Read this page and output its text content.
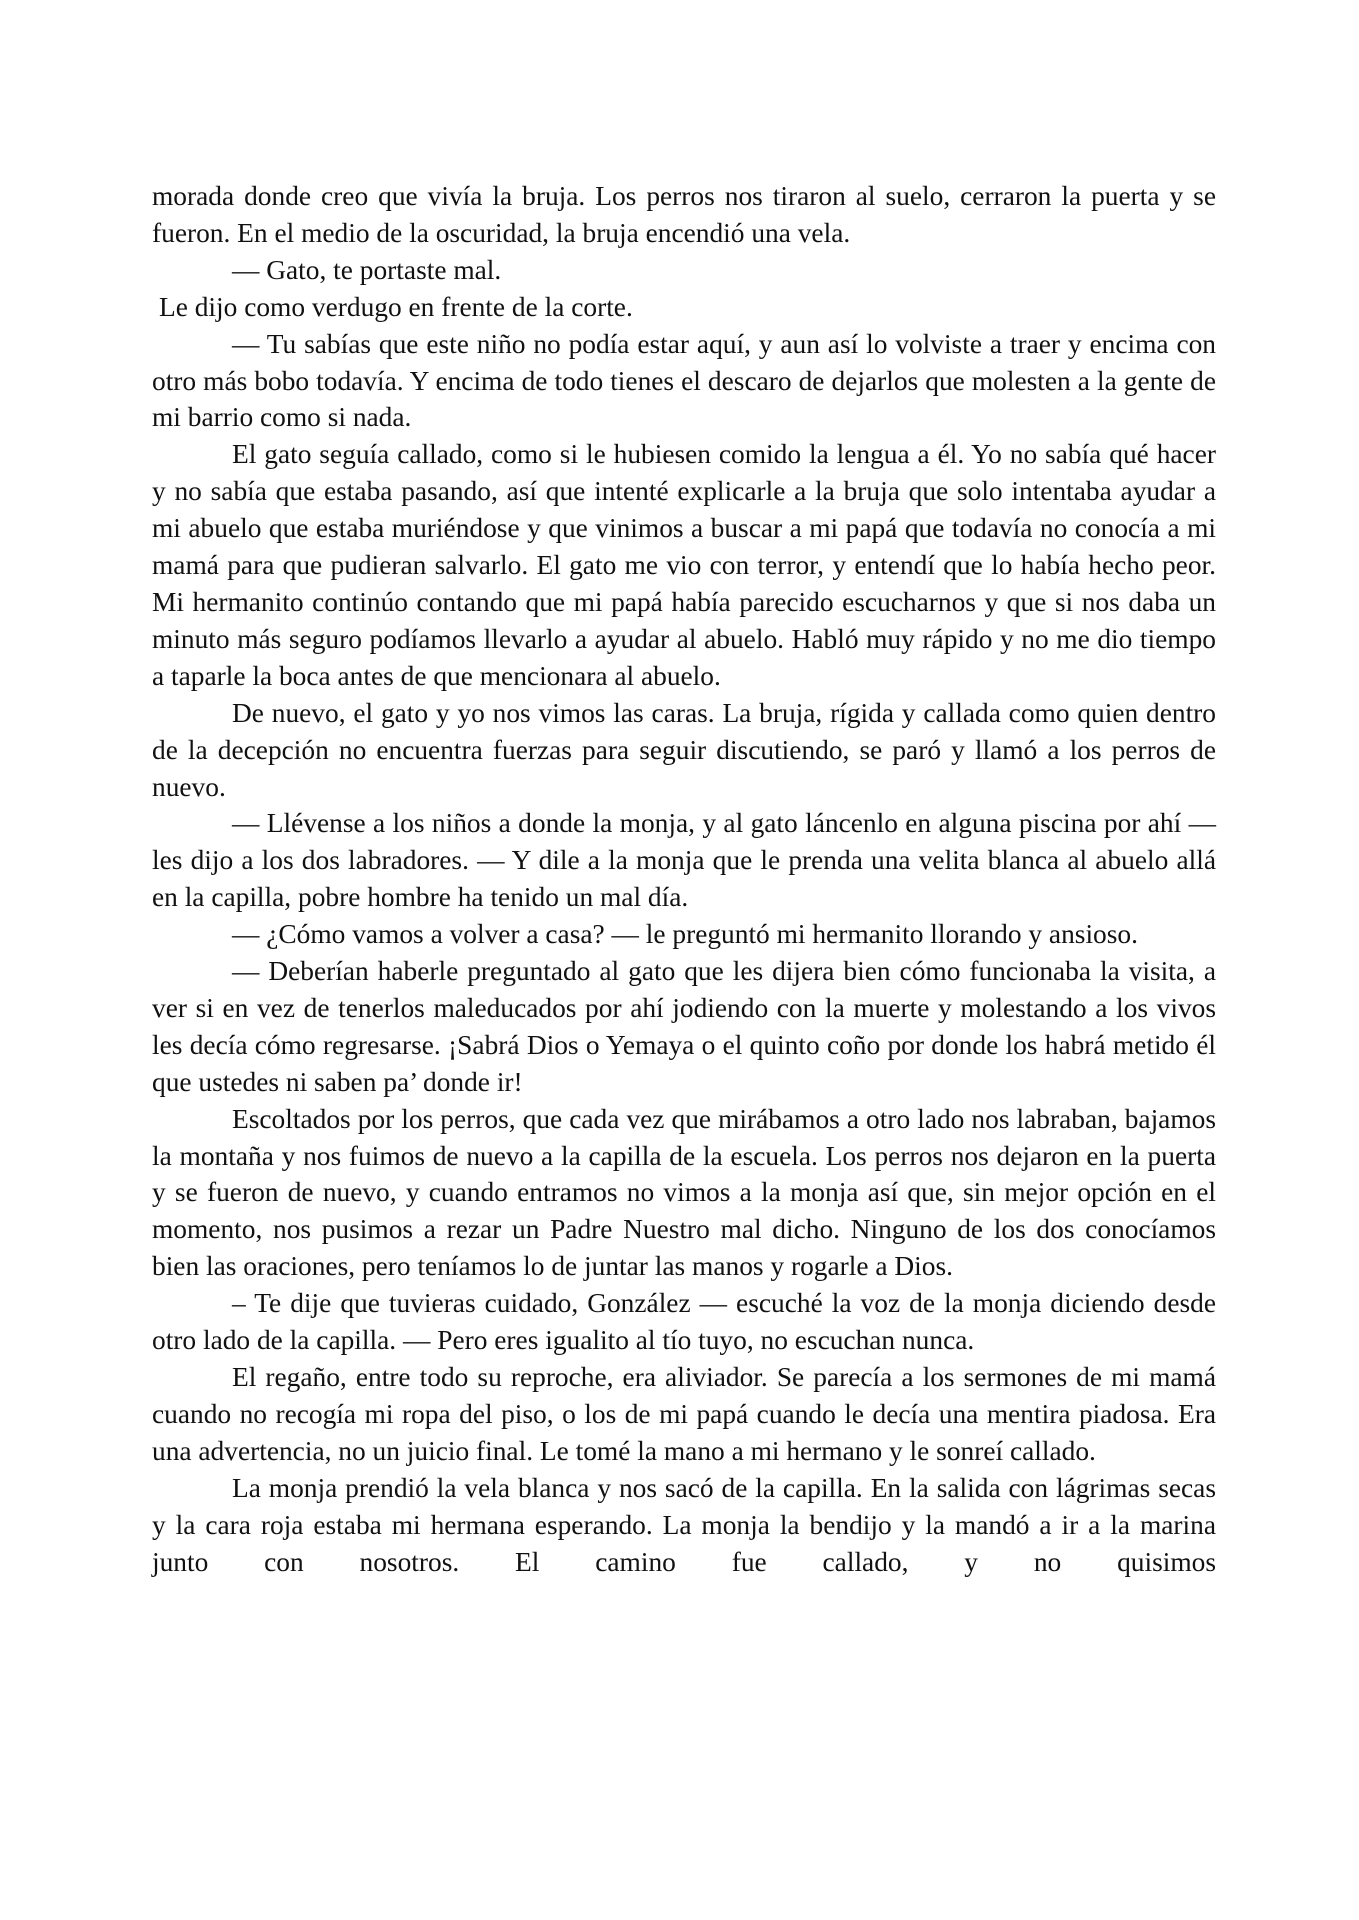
morada donde creo que vivía la bruja. Los perros nos tiraron al suelo, cerraron la puerta y se fueron. En el medio de la oscuridad, la bruja encendió una vela.

— Gato, te portaste mal.

Le dijo como verdugo en frente de la corte.

— Tu sabías que este niño no podía estar aquí, y aun así lo volviste a traer y encima con otro más bobo todavía. Y encima de todo tienes el descaro de dejarlos que molesten a la gente de mi barrio como si nada.

El gato seguía callado, como si le hubiesen comido la lengua a él. Yo no sabía qué hacer y no sabía que estaba pasando, así que intenté explicarle a la bruja que solo intentaba ayudar a mi abuelo que estaba muriéndose y que vinimos a buscar a mi papá que todavía no conocía a mi mamá para que pudieran salvarlo. El gato me vio con terror, y entendí que lo había hecho peor. Mi hermanito continúo contando que mi papá había parecido escucharnos y que si nos daba un minuto más seguro podíamos llevarlo a ayudar al abuelo. Habló muy rápido y no me dio tiempo a taparle la boca antes de que mencionara al abuelo.

De nuevo, el gato y yo nos vimos las caras. La bruja, rígida y callada como quien dentro de la decepción no encuentra fuerzas para seguir discutiendo, se paró y llamó a los perros de nuevo.

— Llévense a los niños a donde la monja, y al gato láncenlo en alguna piscina por ahí — les dijo a los dos labradores. — Y dile a la monja que le prenda una velita blanca al abuelo allá en la capilla, pobre hombre ha tenido un mal día.

— ¿Cómo vamos a volver a casa? — le preguntó mi hermanito llorando y ansioso.

— Deberían haberle preguntado al gato que les dijera bien cómo funcionaba la visita, a ver si en vez de tenerlos maleducados por ahí jodiendo con la muerte y molestando a los vivos les decía cómo regresarse. ¡Sabrá Dios o Yemaya o el quinto coño por donde los habrá metido él que ustedes ni saben pa’ donde ir!

Escoltados por los perros, que cada vez que mirábamos a otro lado nos labraban, bajamos la montaña y nos fuimos de nuevo a la capilla de la escuela. Los perros nos dejaron en la puerta y se fueron de nuevo, y cuando entramos no vimos a la monja así que, sin mejor opción en el momento, nos pusimos a rezar un Padre Nuestro mal dicho. Ninguno de los dos conocíamos bien las oraciones, pero teníamos lo de juntar las manos y rogarle a Dios.

– Te dije que tuvieras cuidado, González — escuché la voz de la monja diciendo desde otro lado de la capilla. — Pero eres igualito al tío tuyo, no escuchan nunca.

El regaño, entre todo su reproche, era aliviador. Se parecía a los sermones de mi mamá cuando no recogía mi ropa del piso, o los de mi papá cuando le decía una mentira piadosa. Era una advertencia, no un juicio final. Le tomé la mano a mi hermano y le sonreí callado.

La monja prendió la vela blanca y nos sacó de la capilla. En la salida con lágrimas secas y la cara roja estaba mi hermana esperando. La monja la bendijo y la mandó a ir a la marina junto con nosotros. El camino fue callado, y no quisimos
